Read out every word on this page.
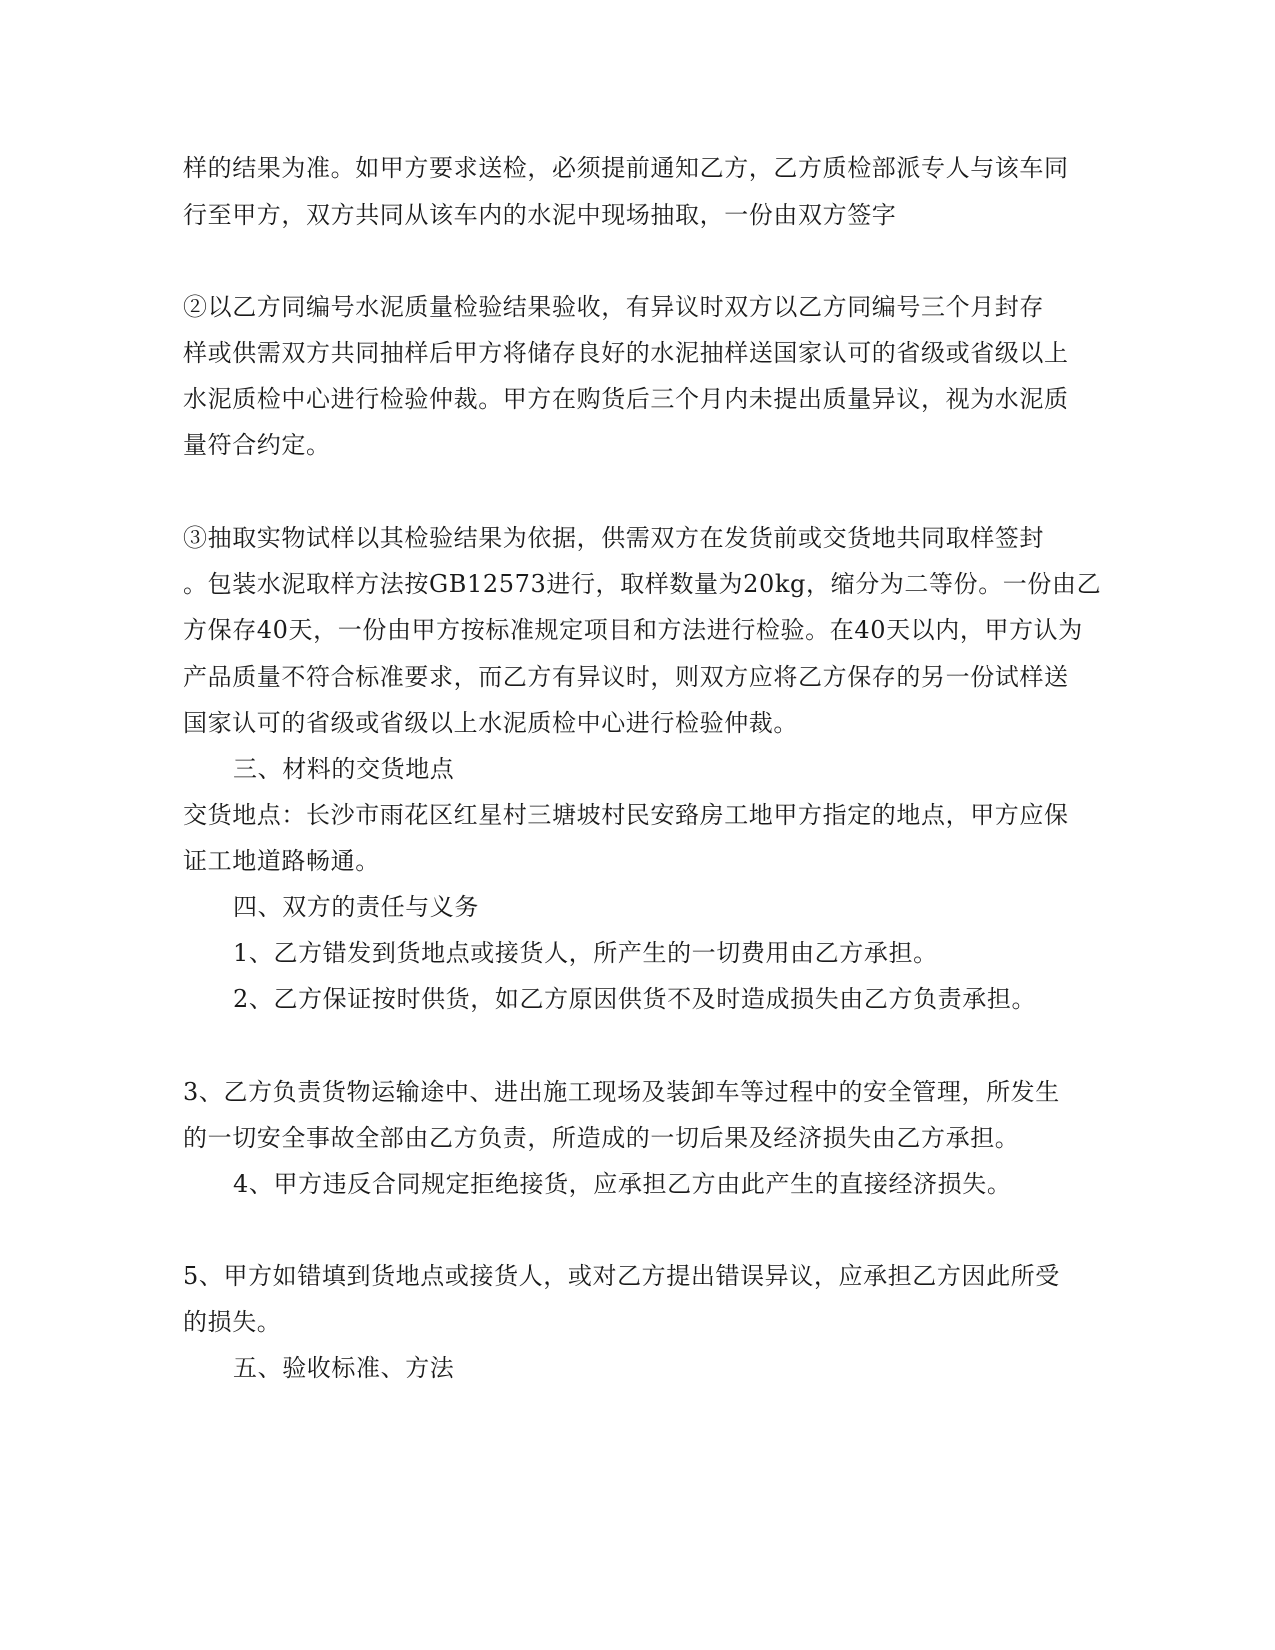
样的结果为准。如甲方要求送检，必须提前通知乙方，乙方质检部派专人与该车同
行至甲方，双方共同从该车内的水泥中现场抽取，一份由双方签字
②以乙方同编号水泥质量检验结果验收，有异议时双方以乙方同编号三个月封存
样或供需双方共同抽样后甲方将储存良好的水泥抽样送国家认可的省级或省级以上
水泥质检中心进行检验仲裁。甲方在购货后三个月内未提出质量异议，视为水泥质
量符合约定。
③抽取实物试样以其检验结果为依据，供需双方在发货前或交货地共同取样签封
。包装水泥取样方法按GB12573进行，取样数量为20kg，缩分为二等份。一份由乙
方保存40天，一份由甲方按标准规定项目和方法进行检验。在40天以内，甲方认为
产品质量不符合标准要求，而乙方有异议时，则双方应将乙方保存的另一份试样送
国家认可的省级或省级以上水泥质检中心进行检验仲裁。
三、材料的交货地点
交货地点：长沙市雨花区红星村三塘坡村民安臵房工地甲方指定的地点，甲方应保
证工地道路畅通。
四、双方的责任与义务
1、乙方错发到货地点或接货人，所产生的一切费用由乙方承担。
2、乙方保证按时供货，如乙方原因供货不及时造成损失由乙方负责承担。
3、乙方负责货物运输途中、进出施工现场及装卸车等过程中的安全管理，所发生
的一切安全事故全部由乙方负责，所造成的一切后果及经济损失由乙方承担。
4、甲方违反合同规定拒绝接货，应承担乙方由此产生的直接经济损失。
5、甲方如错填到货地点或接货人，或对乙方提出错误异议，应承担乙方因此所受
的损失。
五、验收标准、方法
